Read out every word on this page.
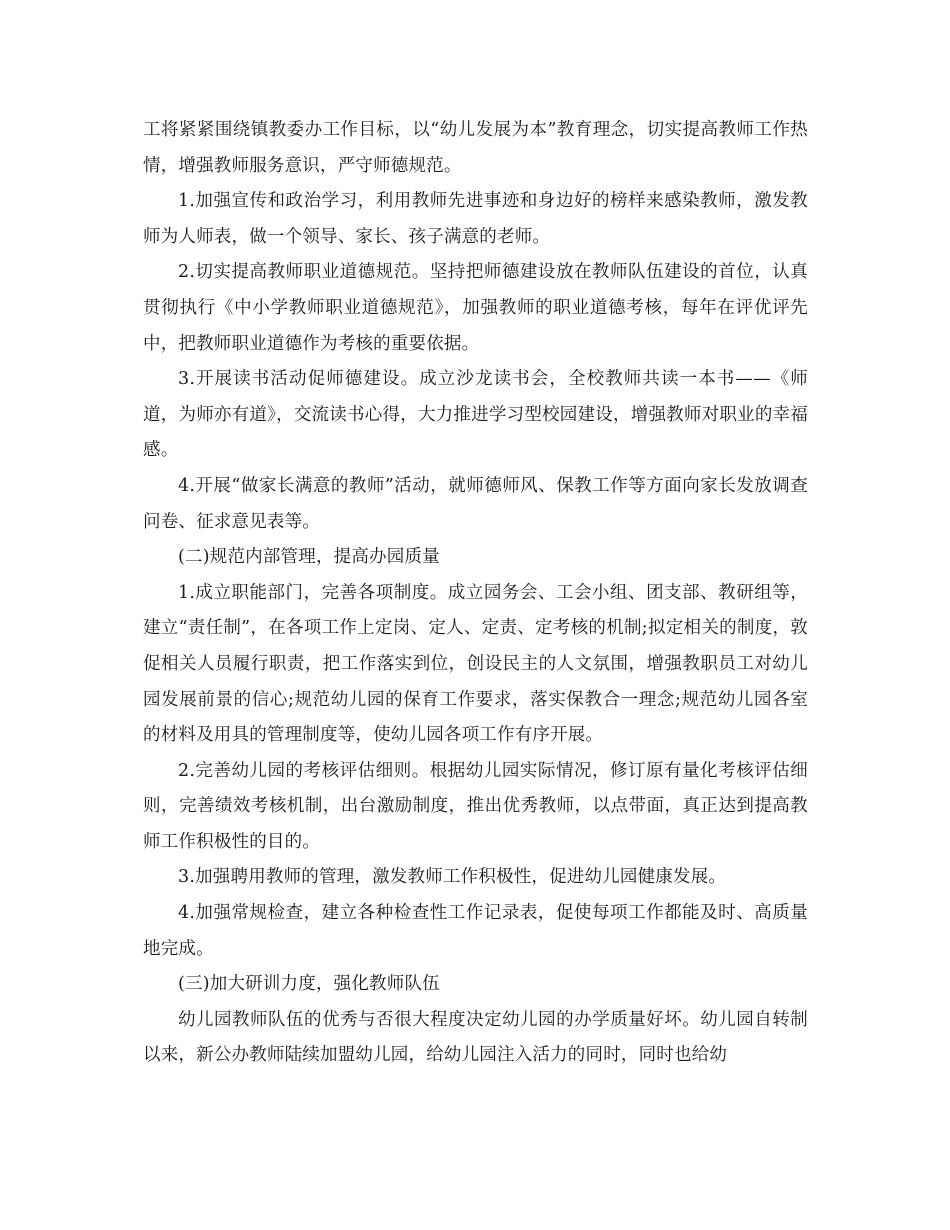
工将紧紧围绕镇教委办工作目标，以“幼儿发展为本”教育理念，切实提高教师工作热情，增强教师服务意识，严守师德规范。

1.加强宣传和政治学习，利用教师先进事迹和身边好的榜样来感染教师，激发教师为人师表，做一个领导、家长、孩子满意的老师。

2.切实提高教师职业道德规范。坚持把师德建设放在教师队伍建设的首位，认真贯彻执行《中小学教师职业道德规范》，加强教师的职业道德考核，每年在评优评先中，把教师职业道德作为考核的重要依据。

3.开展读书活动促师德建设。成立沙龙读书会，全校教师共读一本书——《师道，为师亦有道》，交流读书心得，大力推进学习型校园建设，增强教师对职业的幸福感。

4.开展“做家长满意的教师”活动，就师德师风、保教工作等方面向家长发放调查问卷、征求意见表等。

(二)规范内部管理，提高办园质量

1.成立职能部门，完善各项制度。成立园务会、工会小组、团支部、教研组等，建立“责任制”，在各项工作上定岗、定人、定责、定考核的机制;拟定相关的制度，敦促相关人员履行职责，把工作落实到位，创设民主的人文氛围，增强教职员工对幼儿园发展前景的信心;规范幼儿园的保育工作要求，落实保教合一理念;规范幼儿园各室的材料及用具的管理制度等，使幼儿园各项工作有序开展。

2.完善幼儿园的考核评估细则。根据幼儿园实际情况，修订原有量化考核评估细则，完善绩效考核机制，出台激励制度，推出优秀教师，以点带面，真正达到提高教师工作积极性的目的。

3.加强聘用教师的管理，激发教师工作积极性，促进幼儿园健康发展。

4.加强常规检查，建立各种检查性工作记录表，促使每项工作都能及时、高质量地完成。

(三)加大研训力度，强化教师队伍

幼儿园教师队伍的优秀与否很大程度决定幼儿园的办学质量好坏。幼儿园自转制以来，新公办教师陆续加盟幼儿园，给幼儿园注入活力的同时，同时也给幼
